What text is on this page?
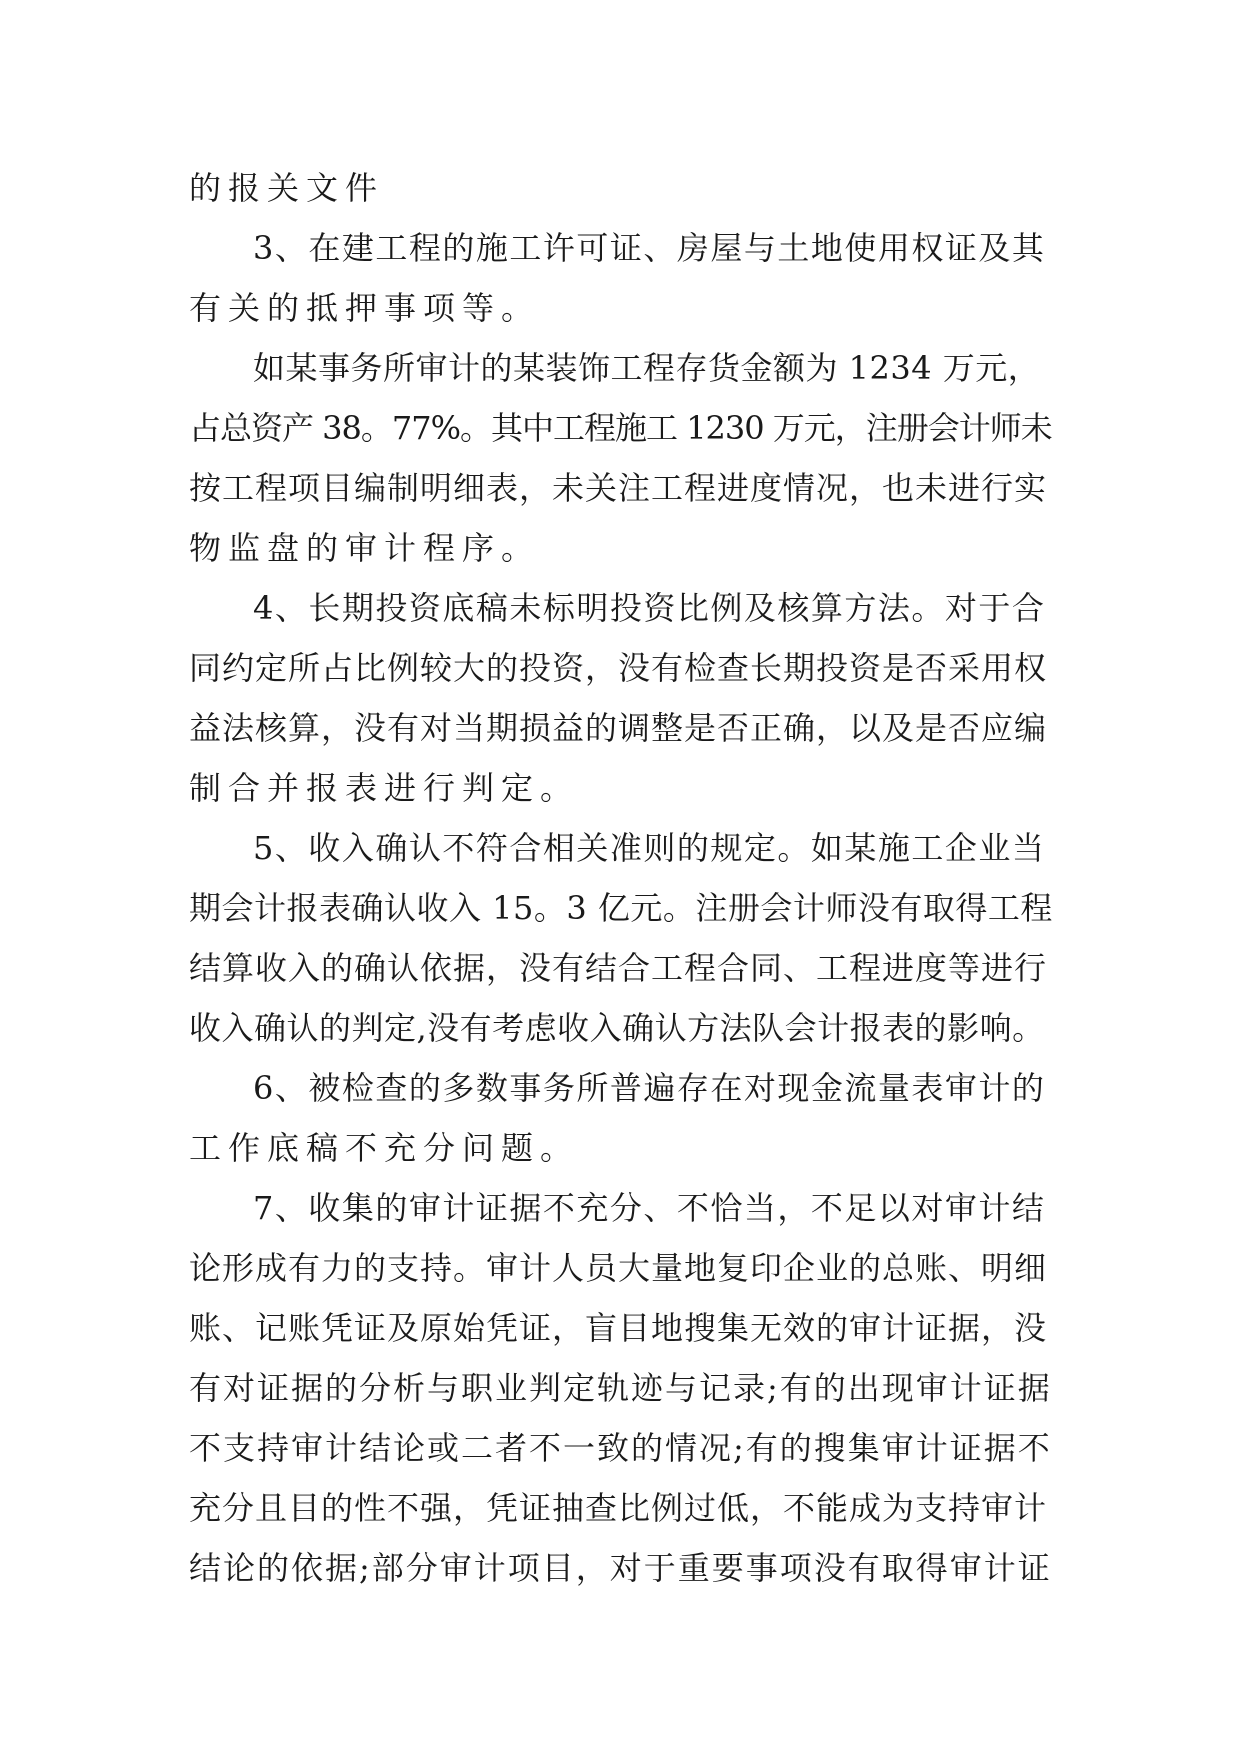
的报关文件
3、在建工程的施工许可证、房屋与土地使用权证及其
有关的抵押事项等。
如某事务所审计的某装饰工程存货金额为 1234 万元，
占总资产 38。77%。其中工程施工 1230 万元，注册会计师未
按工程项目编制明细表，未关注工程进度情况，也未进行实
物监盘的审计程序。
4、长期投资底稿未标明投资比例及核算方法。对于合
同约定所占比例较大的投资，没有检查长期投资是否采用权
益法核算，没有对当期损益的调整是否正确，以及是否应编
制合并报表进行判定。
5、收入确认不符合相关准则的规定。如某施工企业当
期会计报表确认收入 15。3 亿元。注册会计师没有取得工程
结算收入的确认依据，没有结合工程合同、工程进度等进行
收入确认的判定,没有考虑收入确认方法队会计报表的影响。
6、被检查的多数事务所普遍存在对现金流量表审计的
工作底稿不充分问题。
7、收集的审计证据不充分、不恰当，不足以对审计结
论形成有力的支持。审计人员大量地复印企业的总账、明细
账、记账凭证及原始凭证，盲目地搜集无效的审计证据，没
有对证据的分析与职业判定轨迹与记录;有的出现审计证据
不支持审计结论或二者不一致的情况;有的搜集审计证据不
充分且目的性不强，凭证抽查比例过低，不能成为支持审计
结论的依据;部分审计项目，对于重要事项没有取得审计证
